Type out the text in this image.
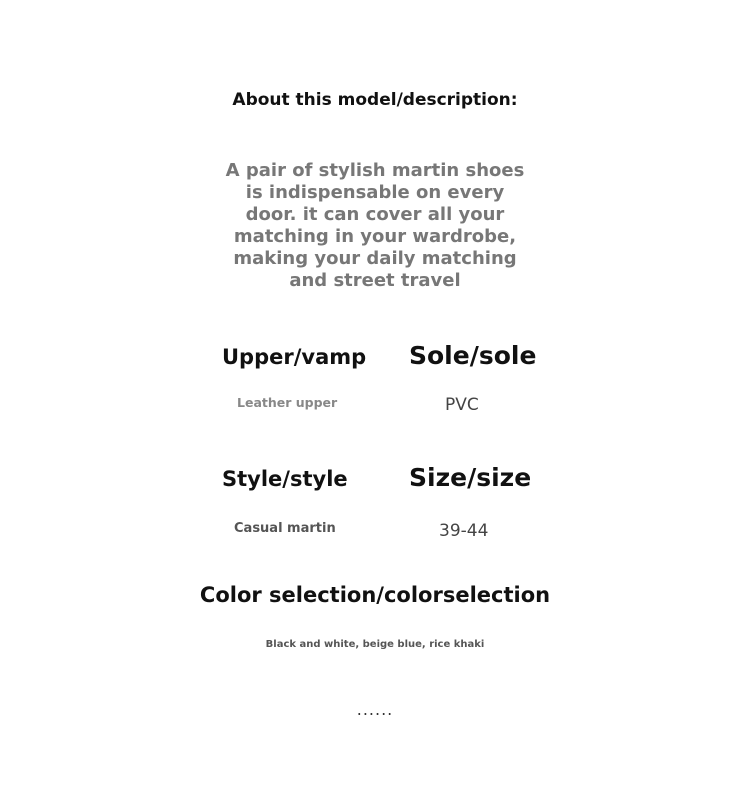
About this model/description:
A pair of stylish martin shoes is indispensable on every door. it can cover all your matching in your wardrobe, making your daily matching and street travel
Upper/vamp Sole/sole
Leather upper	PVC
Style/style Size/size
Casual martin	39-44
Color selection/colorselection
Black and white, beige blue, rice khaki
......
